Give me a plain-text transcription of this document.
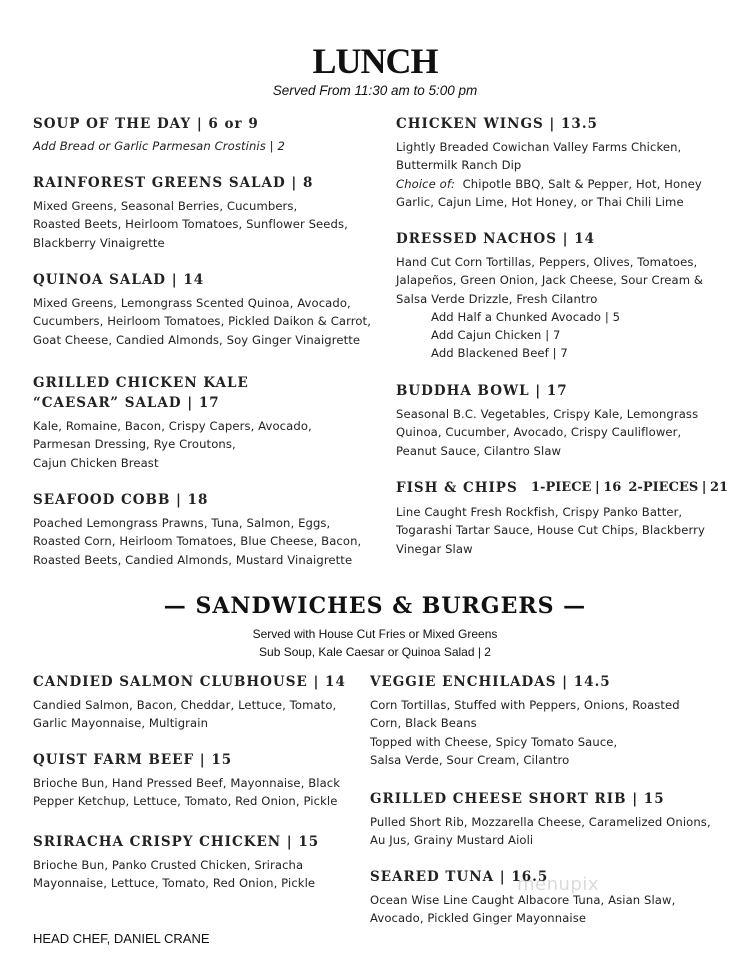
LUNCH
Served From 11:30 am to 5:00 pm
SOUP OF THE DAY | 6 or 9
Add Bread or Garlic Parmesan Crostinis | 2
RAINFOREST GREENS SALAD | 8
Mixed Greens, Seasonal Berries, Cucumbers,
Roasted Beets, Heirloom Tomatoes, Sunflower Seeds,
Blackberry Vinaigrette
QUINOA SALAD | 14
Mixed Greens, Lemongrass Scented Quinoa, Avocado,
Cucumbers, Heirloom Tomatoes, Pickled Daikon & Carrot,
Goat Cheese, Candied Almonds, Soy Ginger Vinaigrette
GRILLED CHICKEN KALE
“CAESAR” SALAD | 17
Kale, Romaine, Bacon, Crispy Capers, Avocado,
Parmesan Dressing, Rye Croutons,
Cajun Chicken Breast
SEAFOOD COBB | 18
Poached Lemongrass Prawns, Tuna, Salmon, Eggs,
Roasted Corn, Heirloom Tomatoes, Blue Cheese, Bacon,
Roasted Beets, Candied Almonds, Mustard Vinaigrette
CHICKEN WINGS | 13.5
Lightly Breaded Cowichan Valley Farms Chicken,
Buttermilk Ranch Dip
Choice of:  Chipotle BBQ, Salt & Pepper, Hot, Honey
Garlic, Cajun Lime, Hot Honey, or Thai Chili Lime
DRESSED NACHOS | 14
Hand Cut Corn Tortillas, Peppers, Olives, Tomatoes,
Jalapeños, Green Onion, Jack Cheese, Sour Cream &
Salsa Verde Drizzle, Fresh Cilantro
Add Half a Chunked Avocado | 5
Add Cajun Chicken | 7
Add Blackened Beef | 7
BUDDHA BOWL | 17
Seasonal B.C. Vegetables, Crispy Kale, Lemongrass
Quinoa, Cucumber, Avocado, Crispy Cauliflower,
Peanut Sauce, Cilantro Slaw
FISH & CHIPS 1-PIECE | 16  2-PIECES | 21
Line Caught Fresh Rockfish, Crispy Panko Batter,
Togarashi Tartar Sauce, House Cut Chips, Blackberry
Vinegar Slaw
— SANDWICHES & BURGERS —
Served with House Cut Fries or Mixed Greens
Sub Soup, Kale Caesar or Quinoa Salad | 2
CANDIED SALMON CLUBHOUSE | 14
Candied Salmon, Bacon, Cheddar, Lettuce, Tomato,
Garlic Mayonnaise, Multigrain
QUIST FARM BEEF | 15
Brioche Bun, Hand Pressed Beef, Mayonnaise, Black
Pepper Ketchup, Lettuce, Tomato, Red Onion, Pickle
SRIRACHA CRISPY CHICKEN | 15
Brioche Bun, Panko Crusted Chicken, Sriracha
Mayonnaise, Lettuce, Tomato, Red Onion, Pickle
VEGGIE ENCHILADAS | 14.5
Corn Tortillas, Stuffed with Peppers, Onions, Roasted
Corn, Black Beans
Topped with Cheese, Spicy Tomato Sauce,
Salsa Verde, Sour Cream, Cilantro
GRILLED CHEESE SHORT RIB | 15
Pulled Short Rib, Mozzarella Cheese, Caramelized Onions,
Au Jus, Grainy Mustard Aioli
SEARED TUNA | 16.5
Ocean Wise Line Caught Albacore Tuna, Asian Slaw,
Avocado, Pickled Ginger Mayonnaise
menupix
HEAD CHEF, DANIEL CRANE
